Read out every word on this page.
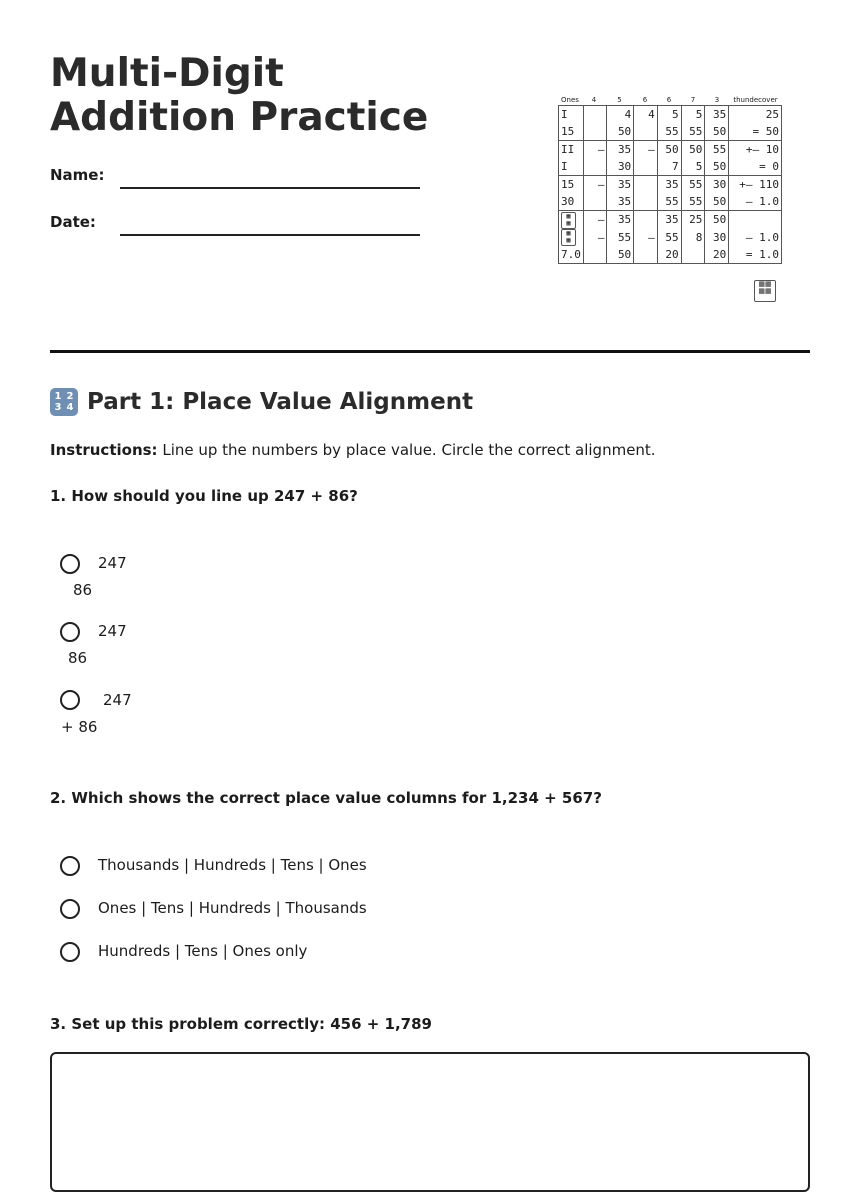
Multi-Digit Addition Practice
Name:
Date:
Ones	4	5	6	6	7	3	thundecover
I		4	4	5	5	35	25
15		50		55	55	50	= 50
II	–	35	–	50	50	55	+– 10
I		30		7	5	50	= 0
15	–	35		35	55	30	+– 110
30		35		55	55	50	– 1.0
▦
▦	–	35		35	25	50	
▦
▦	–	55	–	55	8	30	– 1.0
7.0		50		20		20	= 1.0
▦▦
▦▦
1 2
3 4 Part 1: Place Value Alignment
Instructions: Line up the numbers by place value. Circle the correct alignment.
1. How should you line up 247 + 86?
247
86
247
86
247
+ 86
2. Which shows the correct place value columns for 1,234 + 567?
Thousands | Hundreds | Tens | Ones
Ones | Tens | Hundreds | Thousands
Hundreds | Tens | Ones only
3. Set up this problem correctly: 456 + 1,789
